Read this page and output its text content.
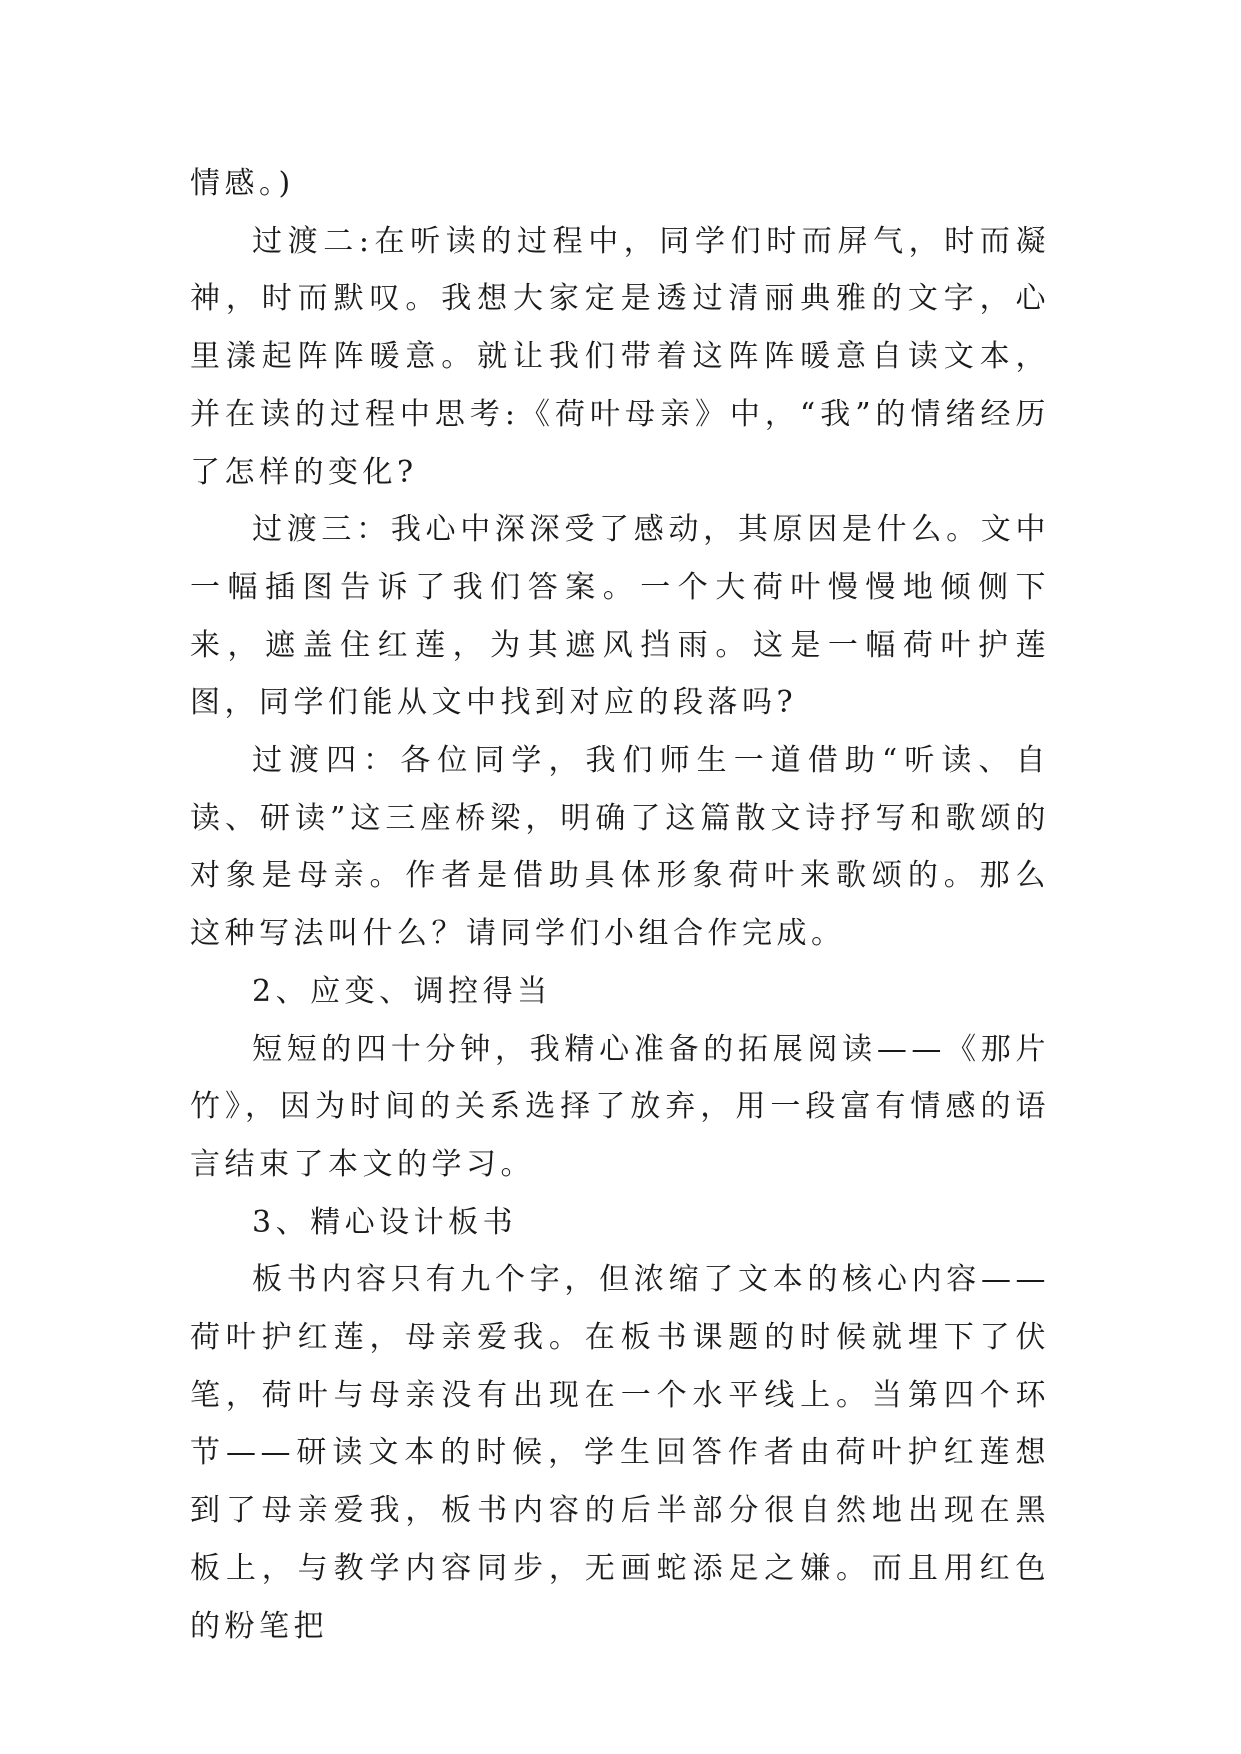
情感。)

过渡二:在听读的过程中，同学们时而屏气，时而凝神，时而默叹。我想大家定是透过清丽典雅的文字，心里漾起阵阵暖意。就让我们带着这阵阵暖意自读文本，并在读的过程中思考:《荷叶母亲》中，“我”的情绪经历了怎样的变化?

过渡三：我心中深深受了感动，其原因是什么。文中一幅插图告诉了我们答案。一个大荷叶慢慢地倾侧下来，遮盖住红莲，为其遮风挡雨。这是一幅荷叶护莲图，同学们能从文中找到对应的段落吗?

过渡四：各位同学，我们师生一道借助“听读、自读、研读”这三座桥梁，明确了这篇散文诗抒写和歌颂的对象是母亲。作者是借助具体形象荷叶来歌颂的。那么这种写法叫什么？请同学们小组合作完成。

2、应变、调控得当

短短的四十分钟，我精心准备的拓展阅读——《那片竹》，因为时间的关系选择了放弃，用一段富有情感的语言结束了本文的学习。

3、精心设计板书

板书内容只有九个字，但浓缩了文本的核心内容——荷叶护红莲，母亲爱我。在板书课题的时候就埋下了伏笔，荷叶与母亲没有出现在一个水平线上。当第四个环节——研读文本的时候，学生回答作者由荷叶护红莲想到了母亲爱我，板书内容的后半部分很自然地出现在黑板上，与教学内容同步，无画蛇添足之嫌。而且用红色的粉笔把
